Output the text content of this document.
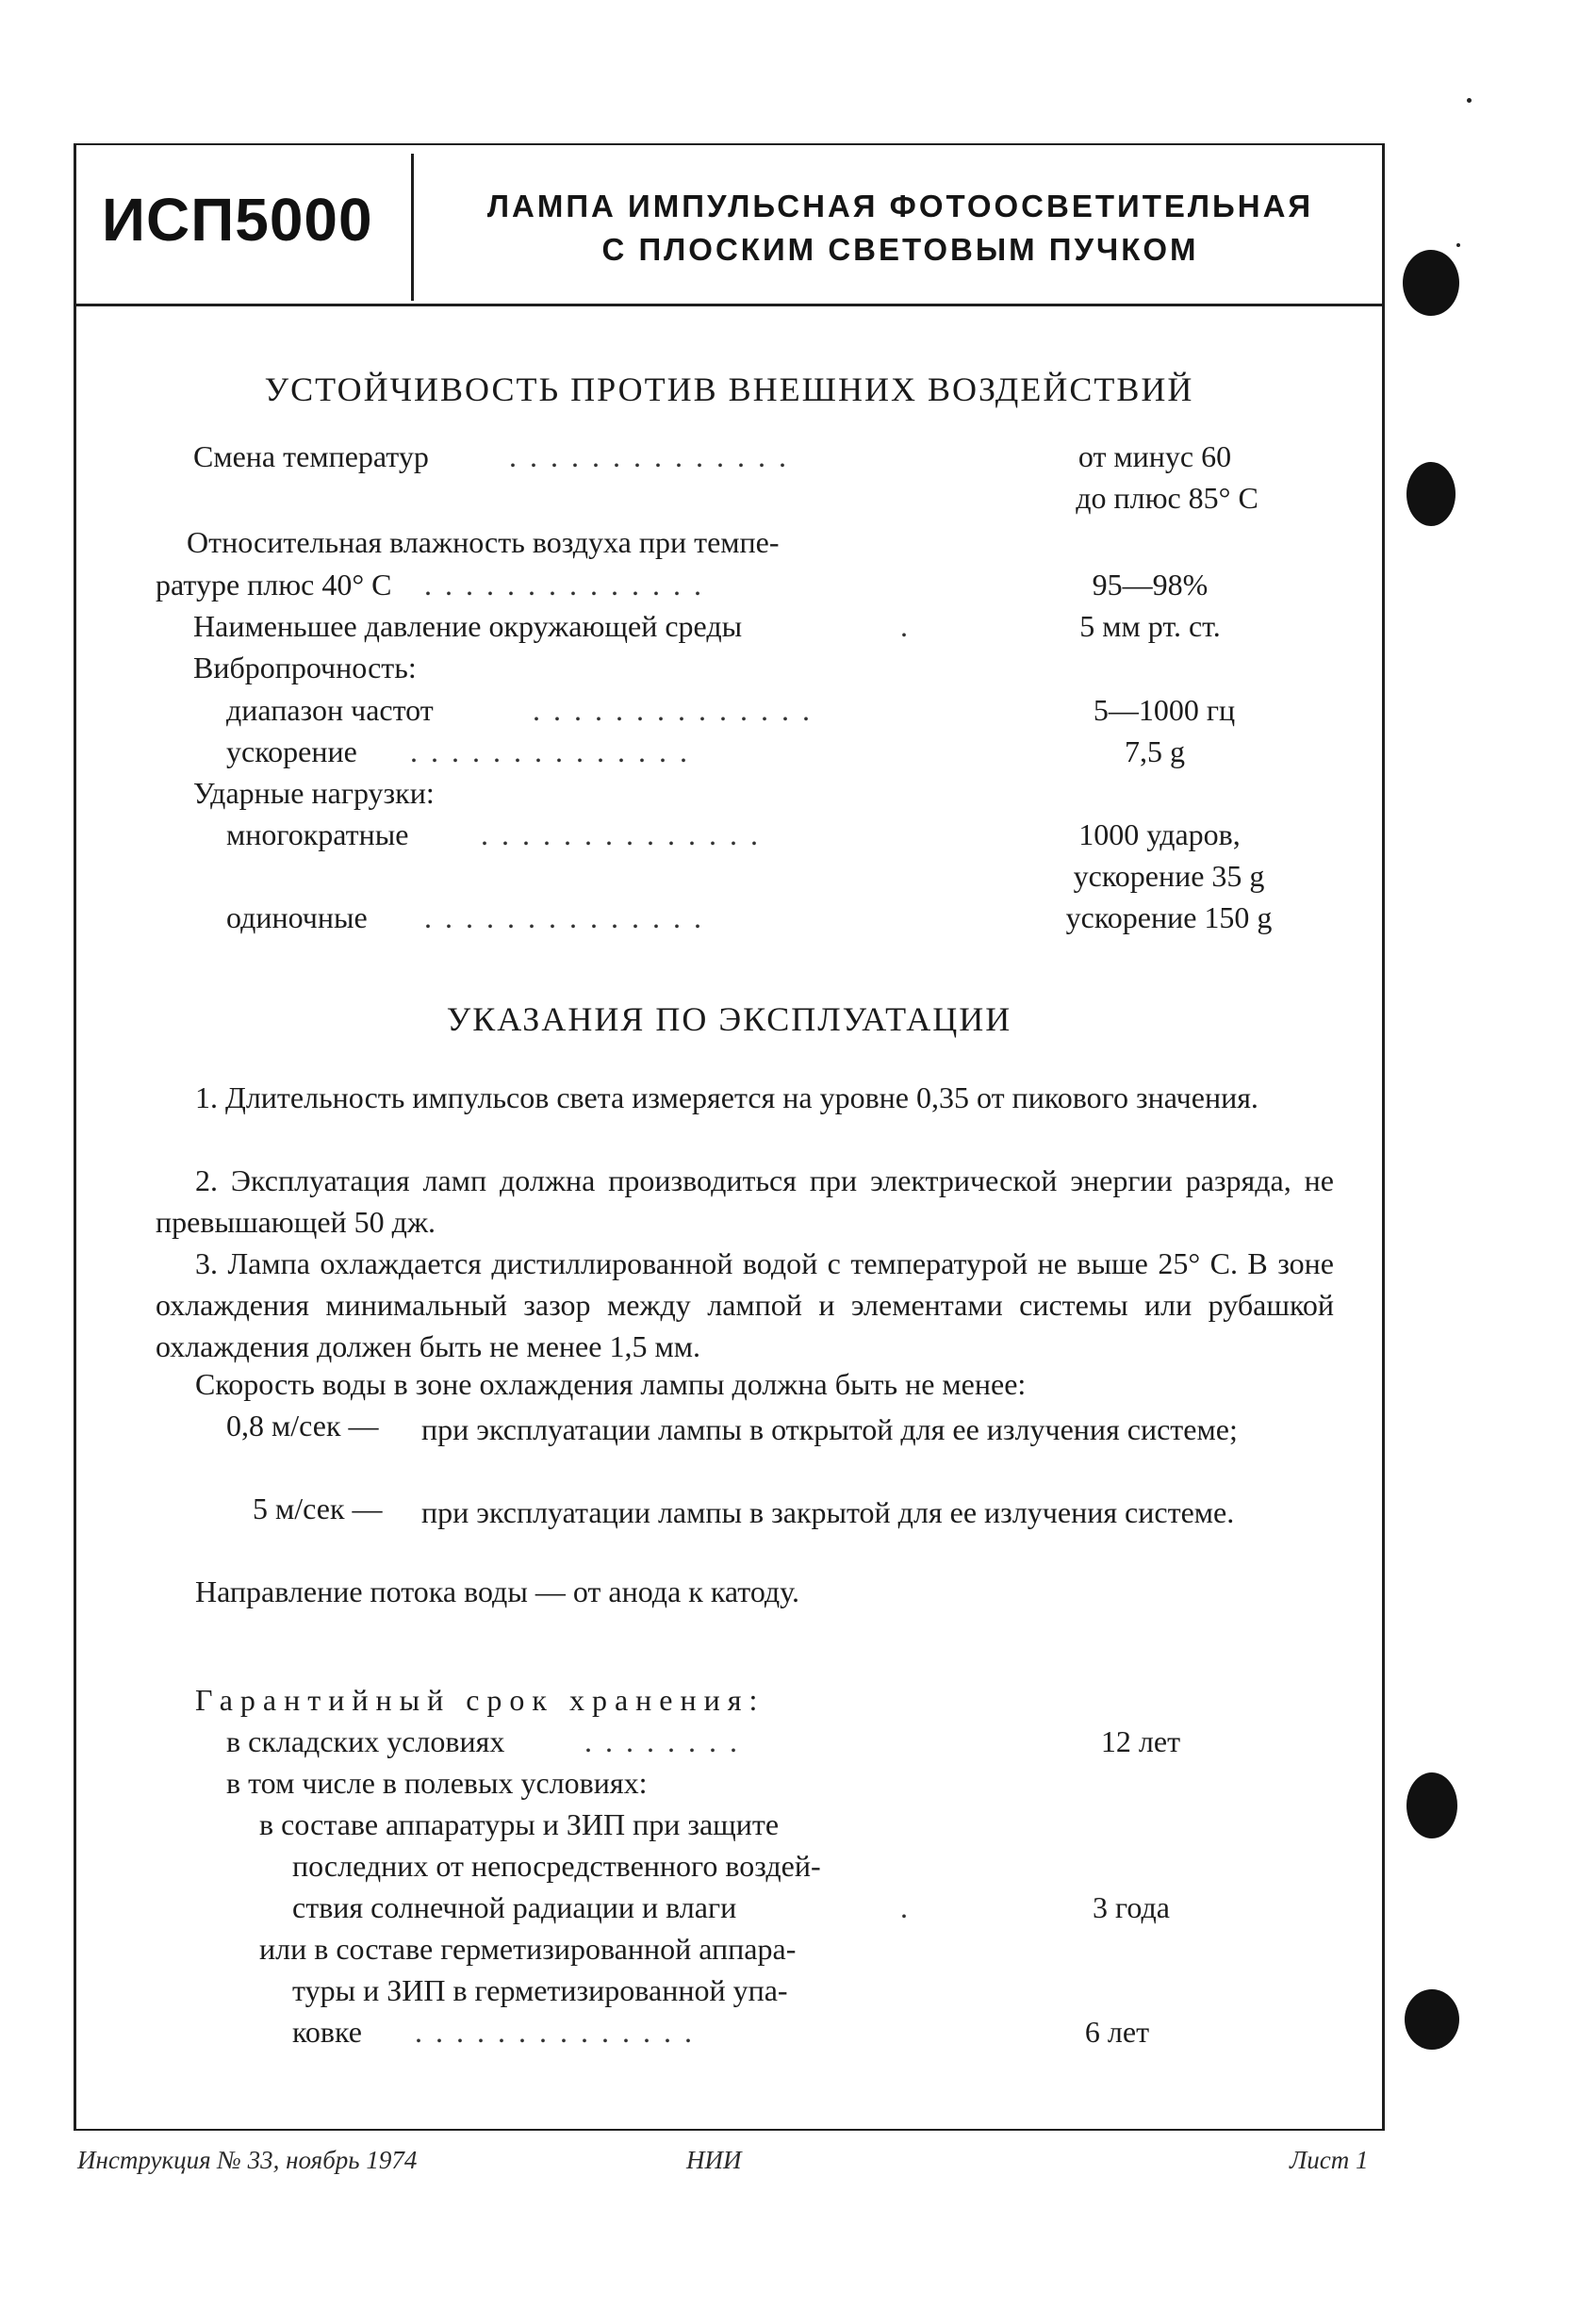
ИСП5000	ЛАМПА ИМПУЛЬСНАЯ ФОТООСВЕТИТЕЛЬНАЯ
С ПЛОСКИМ СВЕТОВЫМ ПУЧКОМ
УСТОЙЧИВОСТЬ ПРОТИВ ВНЕШНИХ ВОЗДЕЙСТВИЙ
Смена температур	..............	от минус 60
до плюс 85° С
Относительная влажность воздуха при темпе-
ратуре плюс 40° С ..............	95—98%
Наименьшее давление окружающей среды	.	5 мм рт. ст.
Вибропрочность:
диапазон частот	..............	5—1000 гц
ускорение ..............	7,5 g
Ударные нагрузки:
многократные ..............	1000 ударов,
ускорение 35 g
одиночные ..............	ускорение 150 g
УКАЗАНИЯ ПО ЭКСПЛУАТАЦИИ
1. Длительность импульсов света измеряется на уровне 0,35 от пикового значения.
2. Эксплуатация ламп должна производиться при электрической энергии разряда, не превышающей 50 дж.
3. Лампа охлаждается дистиллированной водой с температурой не выше 25° С. В зоне охлаждения минимальный зазор между лампой и элементами системы или рубашкой охлаждения должен быть не менее 1,5 мм.
Скорость воды в зоне охлаждения лампы должна быть не менее:
0,8 м/сек — при эксплуатации лампы в открытой для ее излучения системе;
5 м/сек — при эксплуатации лампы в закрытой для ее излучения системе.
Направление потока воды — от анода к катоду.
Гарантийный срок хранения:
в складских условиях	........	12 лет
в том числе в полевых условиях:
в составе аппаратуры и ЗИП при защите
последних от непосредственного воздей-
ствия солнечной радиации и влаги	.	3 года
или в составе герметизированной аппара-
туры и ЗИП в герметизированной упа-
ковке ..............	6 лет
Инструкция № 33, ноябрь 1974	НИИ	Лист 1
